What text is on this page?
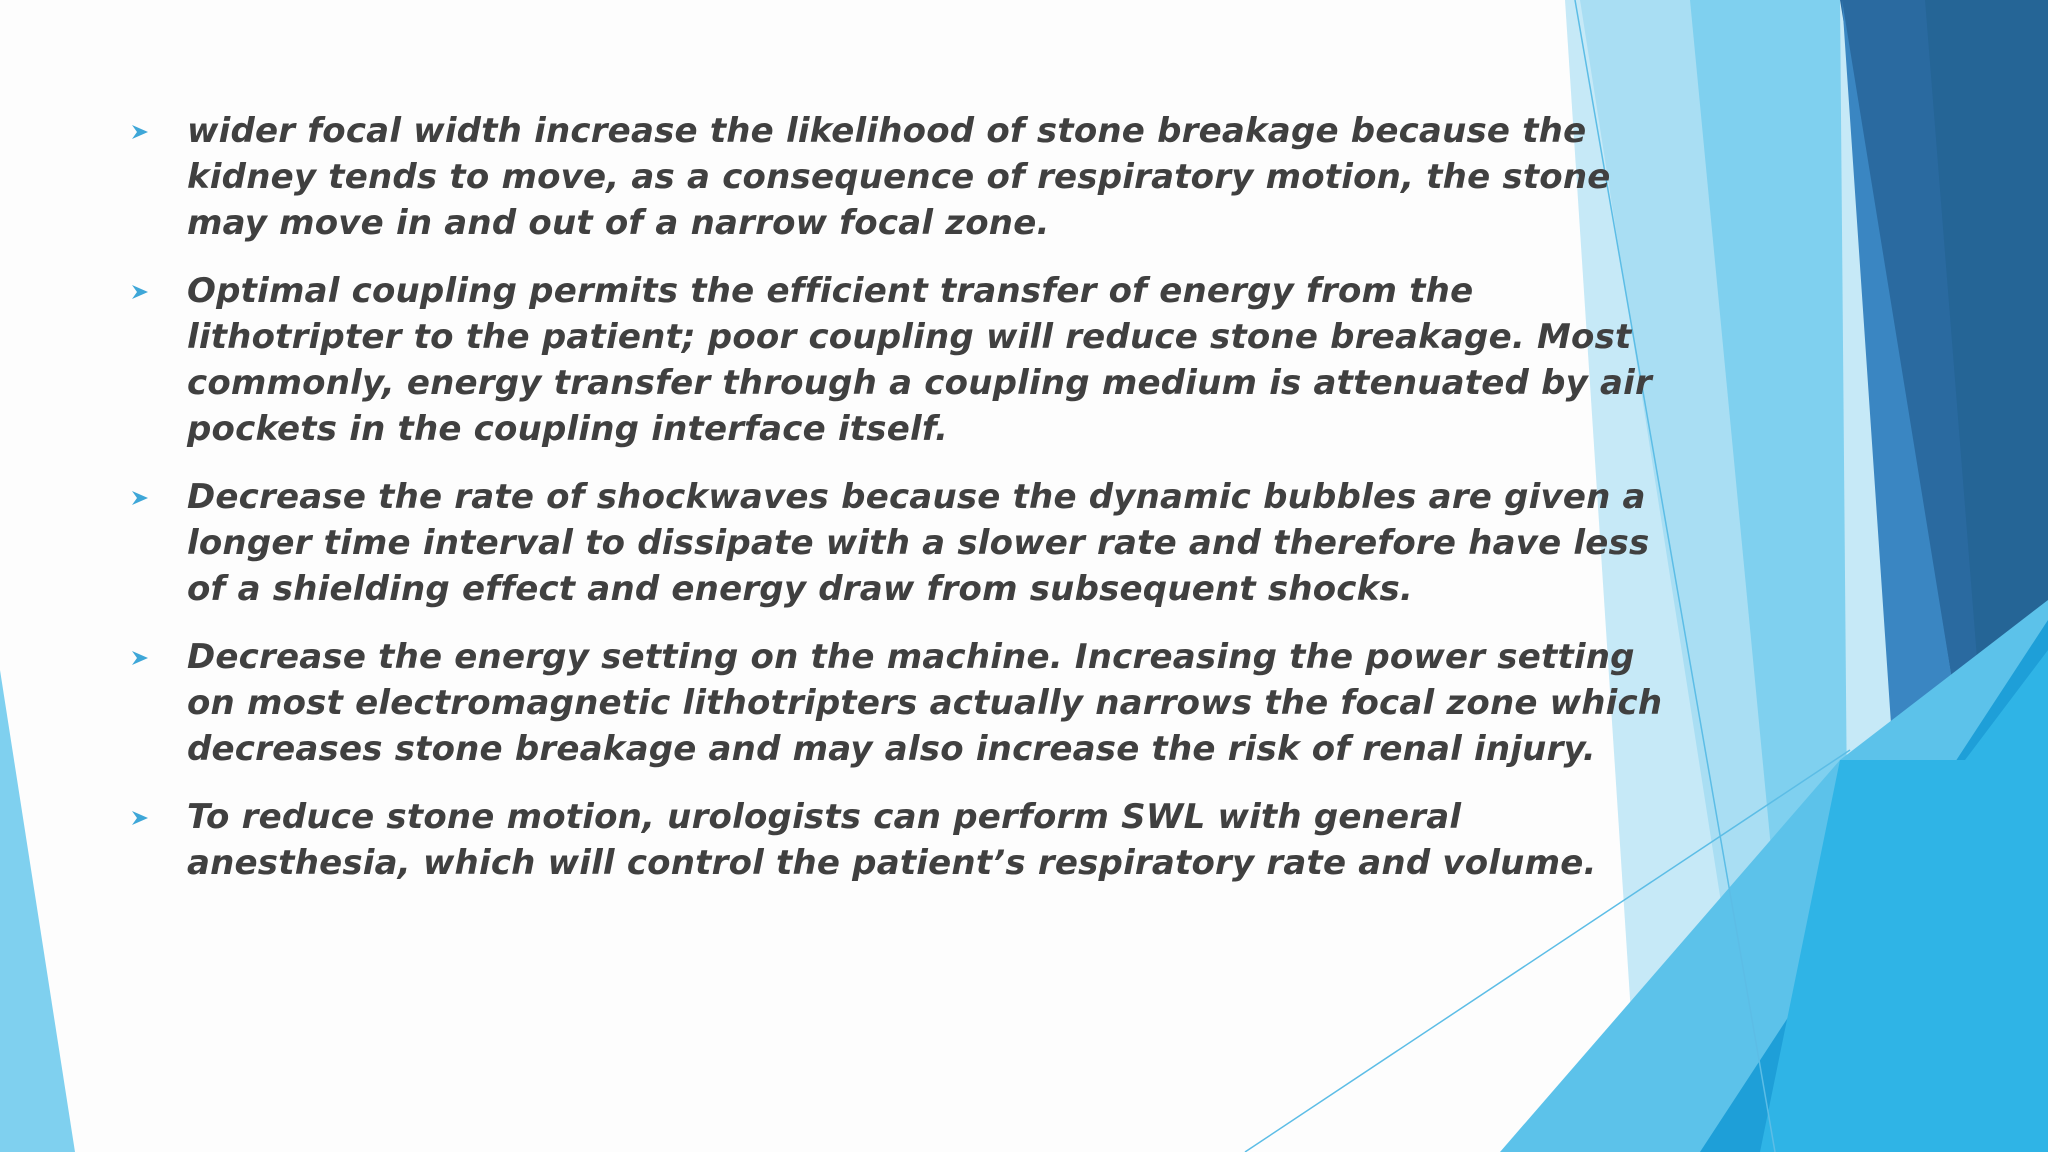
wider focal width increase the likelihood of stone breakage because the kidney tends to move, as a consequence of respiratory motion, the stone may move in and out of a narrow focal zone.
Optimal coupling permits the efficient transfer of energy from the lithotripter to the patient; poor coupling will reduce stone breakage. Most commonly, energy transfer through a coupling medium is attenuated by air pockets in the coupling interface itself.
Decrease the rate of shockwaves because the dynamic bubbles are given a longer time interval to dissipate with a slower rate and therefore have less of a shielding effect and energy draw from subsequent shocks.
Decrease the energy setting on the machine. Increasing the power setting on most electromagnetic lithotripters actually narrows the focal zone which decreases stone breakage and may also increase the risk of renal injury.
To reduce stone motion, urologists can perform SWL with general anesthesia, which will control the patient’s respiratory rate and volume.
